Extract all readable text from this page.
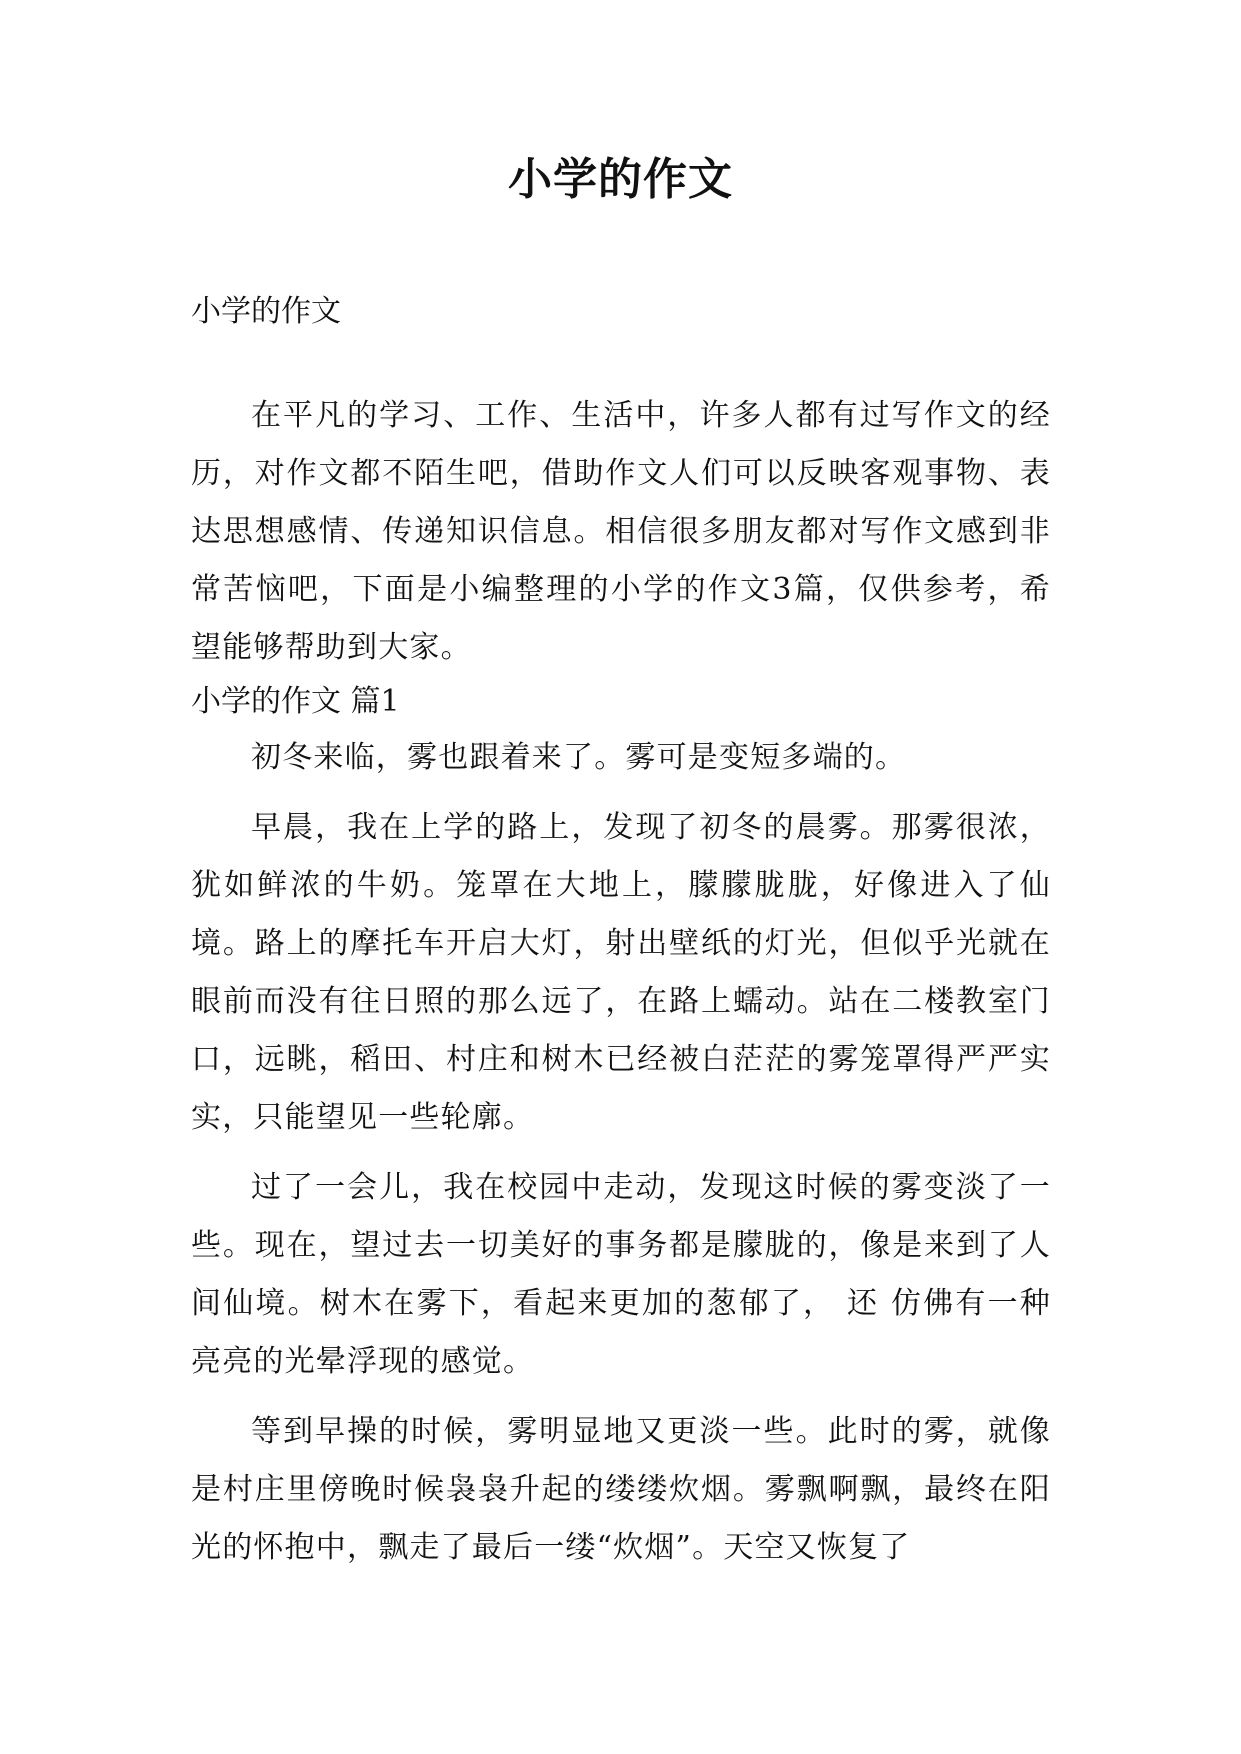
小学的作文

小学的作文

在平凡的学习、工作、生活中，许多人都有过写作文的经历，对作文都不陌生吧，借助作文人们可以反映客观事物、表达思想感情、传递知识信息。相信很多朋友都对写作文感到非常苦恼吧，下面是小编整理的小学的作文3篇，仅供参考，希望能够帮助到大家。

小学的作文 篇1

初冬来临，雾也跟着来了。雾可是变短多端的。

早晨，我在上学的路上，发现了初冬的晨雾。那雾很浓，犹如鲜浓的牛奶。笼罩在大地上，朦朦胧胧，好像进入了仙境。路上的摩托车开启大灯，射出壁纸的灯光，但似乎光就在眼前而没有往日照的那么远了，在路上蠕动。站在二楼教室门口，远眺，稻田、村庄和树木已经被白茫茫的雾笼罩得严严实实，只能望见一些轮廓。

过了一会儿，我在校园中走动，发现这时候的雾变淡了一些。现在，望过去一切美好的事务都是朦胧的，像是来到了人间仙境。树木在雾下，看起来更加的葱郁了， 还 仿佛有一种亮亮的光晕浮现的感觉。

等到早操的时候，雾明显地又更淡一些。此时的雾，就像是村庄里傍晚时候袅袅升起的缕缕炊烟。雾飘啊飘，最终在阳光的怀抱中，飘走了最后一缕“炊烟”。天空又恢复了
